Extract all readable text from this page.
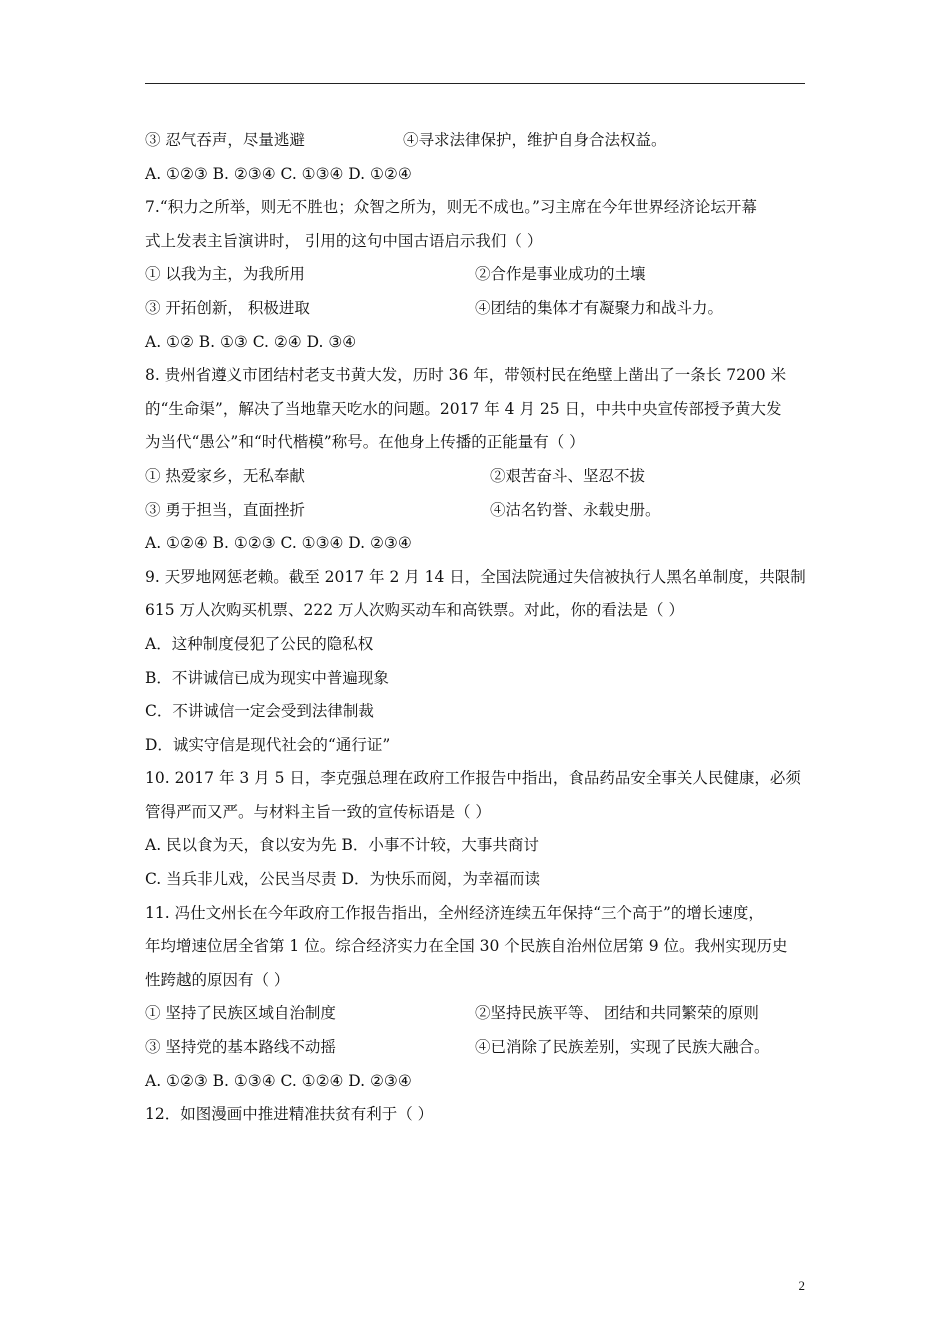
③ 忍气吞声，尽量逃避	④寻求法律保护，维护自身合法权益。
A. ①②③ B. ②③④ C. ①③④ D. ①②④
7.“积力之所举，则无不胜也；众智之所为，则无不成也。”习主席在今年世界经济论坛开幕
式上发表主旨演讲时， 引用的这句中国古语启示我们（ ）
① 以我为主，为我所用	②合作是事业成功的土壤
③ 开拓创新， 积极进取	④团结的集体才有凝聚力和战斗力。
A. ①② B. ①③ C. ②④ D. ③④
8. 贵州省遵义市团结村老支书黄大发，历时 36 年，带领村民在绝壁上凿出了一条长 7200 米
的“生命渠”，解决了当地靠天吃水的问题。2017 年 4 月 25 日，中共中央宣传部授予黄大发
为当代“愚公”和“时代楷模”称号。在他身上传播的正能量有（ ）
① 热爱家乡，无私奉献	②艰苦奋斗、坚忍不拔
③ 勇于担当，直面挫折	④沽名钓誉、永载史册。
A. ①②④ B. ①②③ C. ①③④ D. ②③④
9. 天罗地网惩老赖。截至 2017 年 2 月 14 日，全国法院通过失信被执行人黑名单制度，共限制
615 万人次购买机票、222 万人次购买动车和高铁票。对此，你的看法是（ ）
A．这种制度侵犯了公民的隐私权
B．不讲诚信已成为现实中普遍现象
C．不讲诚信一定会受到法律制裁
D．诚实守信是现代社会的“通行证”
10. 2017 年 3 月 5 日，李克强总理在政府工作报告中指出，食品药品安全事关人民健康，必须
管得严而又严。与材料主旨一致的宣传标语是（ ）
A. 民以食为天，食以安为先 B．小事不计较，大事共商讨
C. 当兵非儿戏，公民当尽责 D．为快乐而阅，为幸福而读
11. 冯仕文州长在今年政府工作报告指出，全州经济连续五年保持“三个高于”的增长速度，
年均增速位居全省第 1 位。综合经济实力在全国 30 个民族自治州位居第 9 位。我州实现历史
性跨越的原因有（ ）
① 坚持了民族区域自治制度	②坚持民族平等、 团结和共同繁荣的原则
③ 坚持党的基本路线不动摇	④已消除了民族差别，实现了民族大融合。
A. ①②③ B. ①③④ C. ①②④ D. ②③④
12．如图漫画中推进精准扶贫有利于（ ）
2
